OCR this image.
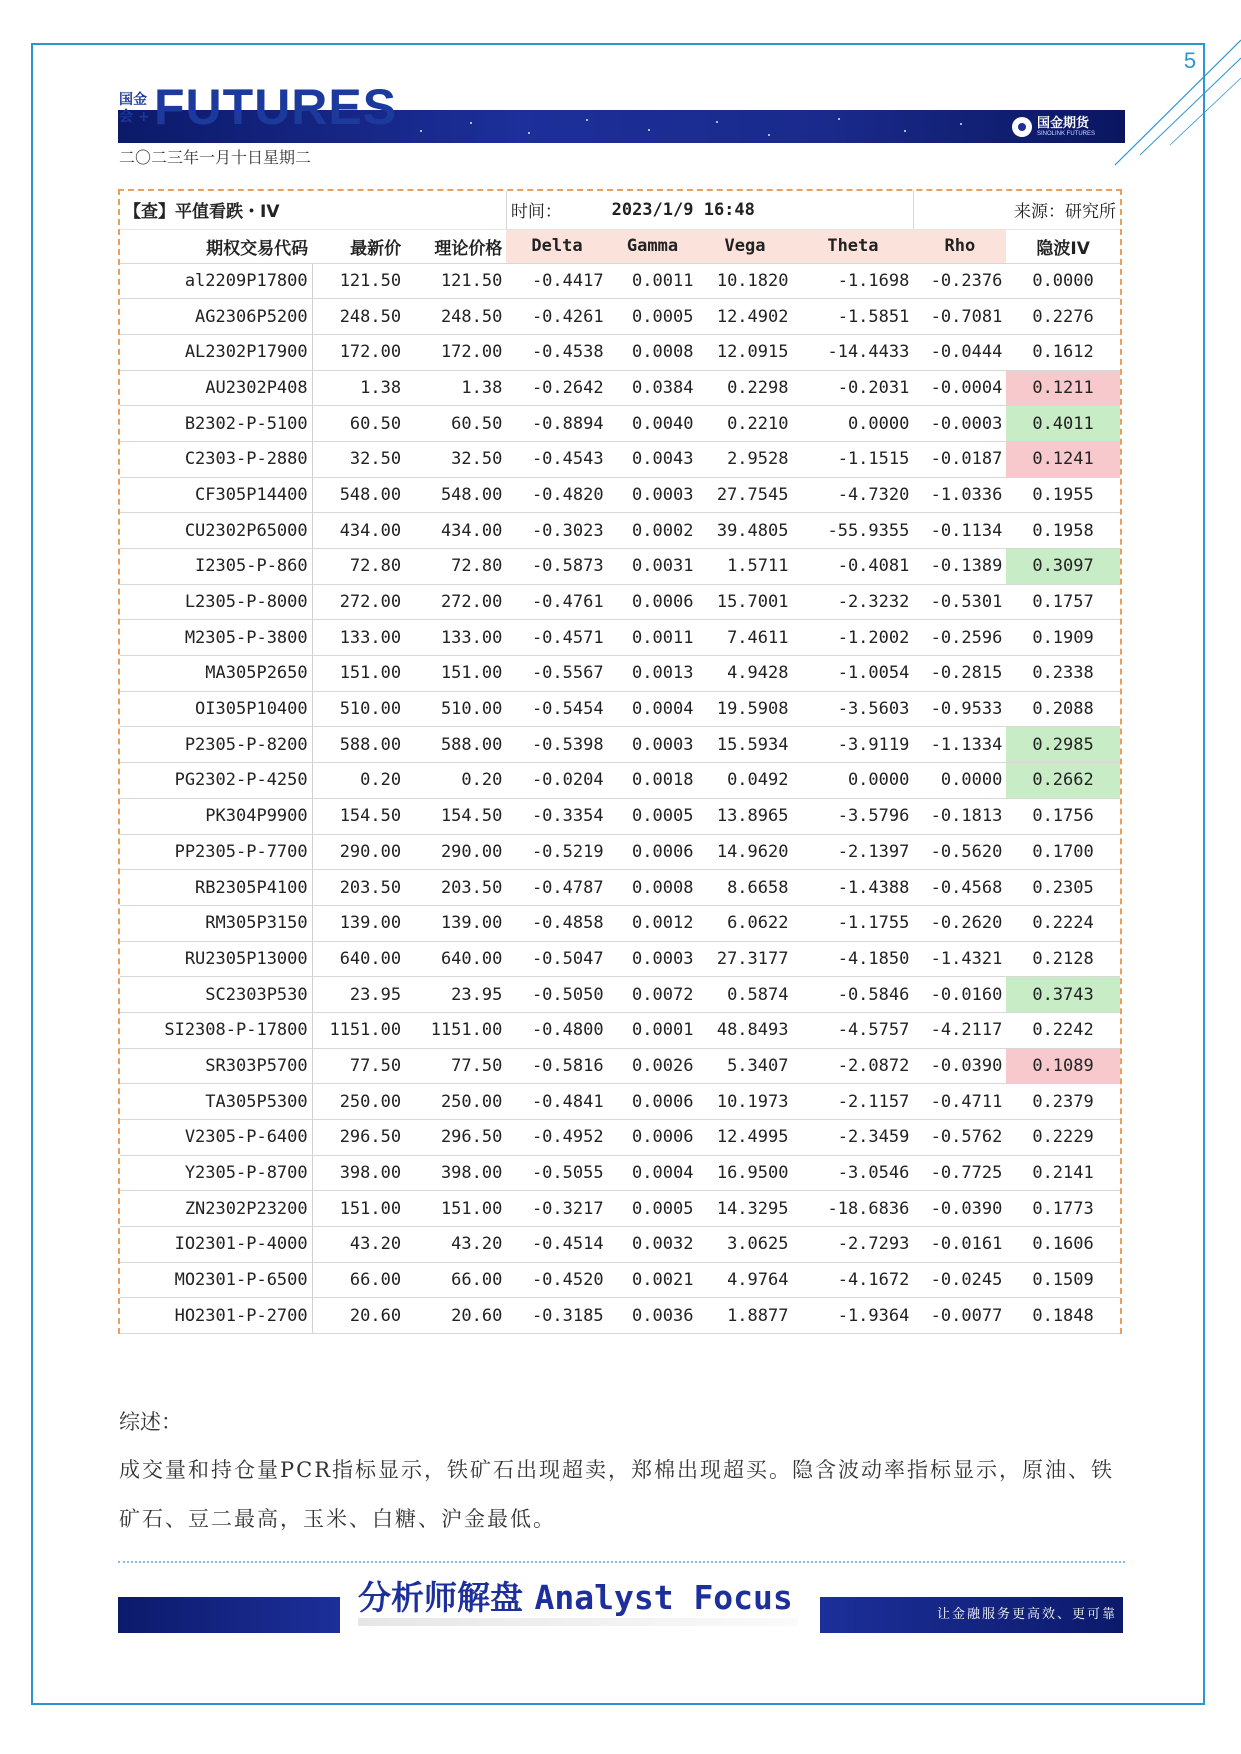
5
国金
会 + FUTURES	国金期货
SINOLINK FUTURES
二〇二三年一月十日星期二
【查】平值看跌・IV			时间：	2023/1/9 16:48			来源：研究所	
期权交易代码	最新价	理论价格	Delta	Gamma	Vega	Theta	Rho	隐波IV
al2209P17800	121.50	121.50	-0.4417	0.0011	10.1820	-1.1698	-0.2376	0.0000
AG2306P5200	248.50	248.50	-0.4261	0.0005	12.4902	-1.5851	-0.7081	0.2276
AL2302P17900	172.00	172.00	-0.4538	0.0008	12.0915	-14.4433	-0.0444	0.1612
AU2302P408	1.38	1.38	-0.2642	0.0384	0.2298	-0.2031	-0.0004	0.1211
B2302-P-5100	60.50	60.50	-0.8894	0.0040	0.2210	0.0000	-0.0003	0.4011
C2303-P-2880	32.50	32.50	-0.4543	0.0043	2.9528	-1.1515	-0.0187	0.1241
CF305P14400	548.00	548.00	-0.4820	0.0003	27.7545	-4.7320	-1.0336	0.1955
CU2302P65000	434.00	434.00	-0.3023	0.0002	39.4805	-55.9355	-0.1134	0.1958
I2305-P-860	72.80	72.80	-0.5873	0.0031	1.5711	-0.4081	-0.1389	0.3097
L2305-P-8000	272.00	272.00	-0.4761	0.0006	15.7001	-2.3232	-0.5301	0.1757
M2305-P-3800	133.00	133.00	-0.4571	0.0011	7.4611	-1.2002	-0.2596	0.1909
MA305P2650	151.00	151.00	-0.5567	0.0013	4.9428	-1.0054	-0.2815	0.2338
OI305P10400	510.00	510.00	-0.5454	0.0004	19.5908	-3.5603	-0.9533	0.2088
P2305-P-8200	588.00	588.00	-0.5398	0.0003	15.5934	-3.9119	-1.1334	0.2985
PG2302-P-4250	0.20	0.20	-0.0204	0.0018	0.0492	0.0000	0.0000	0.2662
PK304P9900	154.50	154.50	-0.3354	0.0005	13.8965	-3.5796	-0.1813	0.1756
PP2305-P-7700	290.00	290.00	-0.5219	0.0006	14.9620	-2.1397	-0.5620	0.1700
RB2305P4100	203.50	203.50	-0.4787	0.0008	8.6658	-1.4388	-0.4568	0.2305
RM305P3150	139.00	139.00	-0.4858	0.0012	6.0622	-1.1755	-0.2620	0.2224
RU2305P13000	640.00	640.00	-0.5047	0.0003	27.3177	-4.1850	-1.4321	0.2128
SC2303P530	23.95	23.95	-0.5050	0.0072	0.5874	-0.5846	-0.0160	0.3743
SI2308-P-17800	1151.00	1151.00	-0.4800	0.0001	48.8493	-4.5757	-4.2117	0.2242
SR303P5700	77.50	77.50	-0.5816	0.0026	5.3407	-2.0872	-0.0390	0.1089
TA305P5300	250.00	250.00	-0.4841	0.0006	10.1973	-2.1157	-0.4711	0.2379
V2305-P-6400	296.50	296.50	-0.4952	0.0006	12.4995	-2.3459	-0.5762	0.2229
Y2305-P-8700	398.00	398.00	-0.5055	0.0004	16.9500	-3.0546	-0.7725	0.2141
ZN2302P23200	151.00	151.00	-0.3217	0.0005	14.3295	-18.6836	-0.0390	0.1773
IO2301-P-4000	43.20	43.20	-0.4514	0.0032	3.0625	-2.7293	-0.0161	0.1606
MO2301-P-6500	66.00	66.00	-0.4520	0.0021	4.9764	-4.1672	-0.0245	0.1509
HO2301-P-2700	20.60	20.60	-0.3185	0.0036	1.8877	-1.9364	-0.0077	0.1848
综述：
成交量和持仓量PCR指标显示，铁矿石出现超卖，郑棉出现超买。隐含波动率指标显示，原油、铁矿石、豆二最高，玉米、白糖、沪金最低。
分析师解盘 Analyst Focus	让金融服务更高效、更可靠
